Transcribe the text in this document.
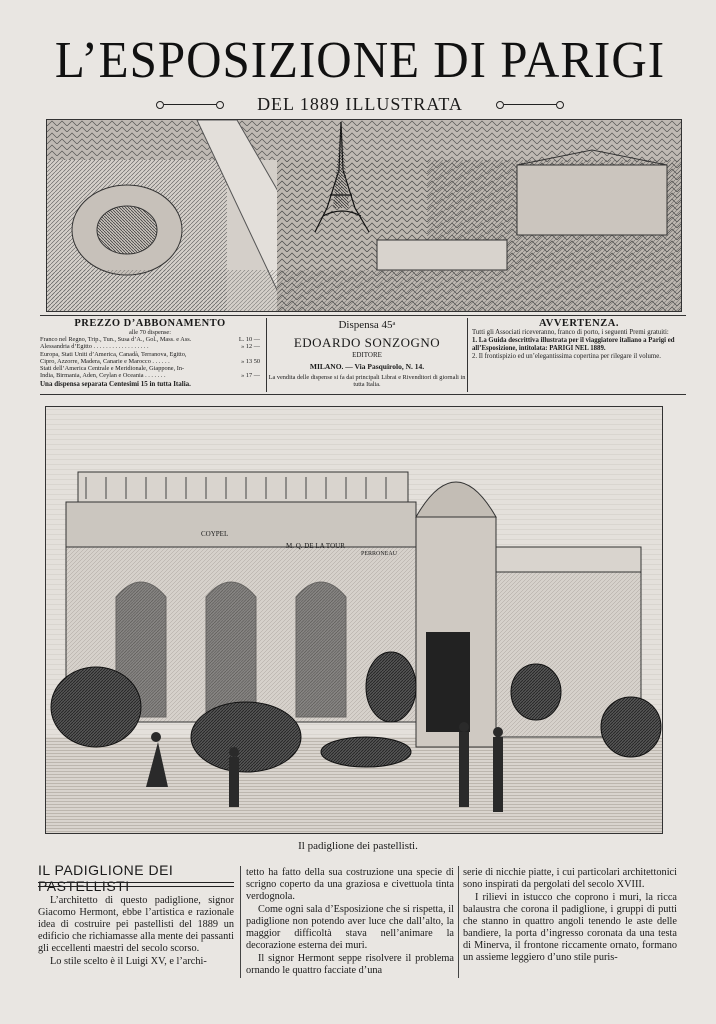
L’ESPOSIZIONE DI PARIGI
DEL 1889 ILLUSTRATA
PREZZO D’ABBONAMENTO
alle 70 dispense:
Franco nel Regno, Trip., Tun., Susa d’A., Gol., Mass. e Ass.	L. 10 —
Alessandria d’Egitto . . . . . . . . . . . . . . . . . .	» 12 —
Europa, Stati Uniti d’America, Canadà, Terranova, Egitto,
Cipro, Azzorre, Madera, Canarie e Marocco . . . . . .	» 13 50
Stati dell’America Centrale e Meridionale, Giappone, In-
India, Birmania, Aden, Ceylan e Oceania . . . . . . .	» 17 —
Una dispensa separata Centesimi 15 in tutta Italia.
Dispensa 45ᵃ
EDOARDO SONZOGNO
EDITORE
MILANO. — Via Pasquirolo, N. 14.
La vendita delle dispense si fa dai principali Librai e Rivenditori di giornali in tutta Italia.
AVVERTENZA.
Tutti gli Associati riceveranno, franco di porto, i seguenti Premi gratuiti:
1. La Guida descrittiva illustrata per il viaggiatore italiano a Parigi ed all’Esposizione, intitolata: PARIGI NEL 1889.
2. Il frontispizio ed un’elegantissima copertina per rilegare il volume.
COYPEL
M. Q. DE LA TOUR
PERRONEAU
Il padiglione dei pastellisti.
IL PADIGLIONE DEI PASTELLISTI

L’architetto di questo padiglione, signor Giacomo Hermont, ebbe l’artistica e razionale idea di costruire pei pastellisti del 1889 un edificio che richiamasse alla mente dei passanti gli eccellenti maestri del secolo scorso.

Lo stile scelto è il Luigi XV, e l’archi-

tetto ha fatto della sua costruzione una specie di scrigno coperto da una graziosa e civettuola tinta verdognola.

Come ogni sala d’Esposizione che si rispetta, il padiglione non potendo aver luce che dall’alto, la maggior difficoltà stava nell’animare la decorazione esterna dei muri.

Il signor Hermont seppe risolvere il problema ornando le quattro facciate d’una

serie di nicchie piatte, i cui particolari architettonici sono inspirati da pergolati del secolo XVIII.

I rilievi in istucco che coprono i muri, la ricca balaustra che corona il padiglione, i gruppi di putti che stanno in quattro angoli tenendo le aste delle bandiere, la porta d’ingresso coronata da una testa di Minerva, il frontone riccamente ornato, formano un assieme leggiero d’uno stile puris-
